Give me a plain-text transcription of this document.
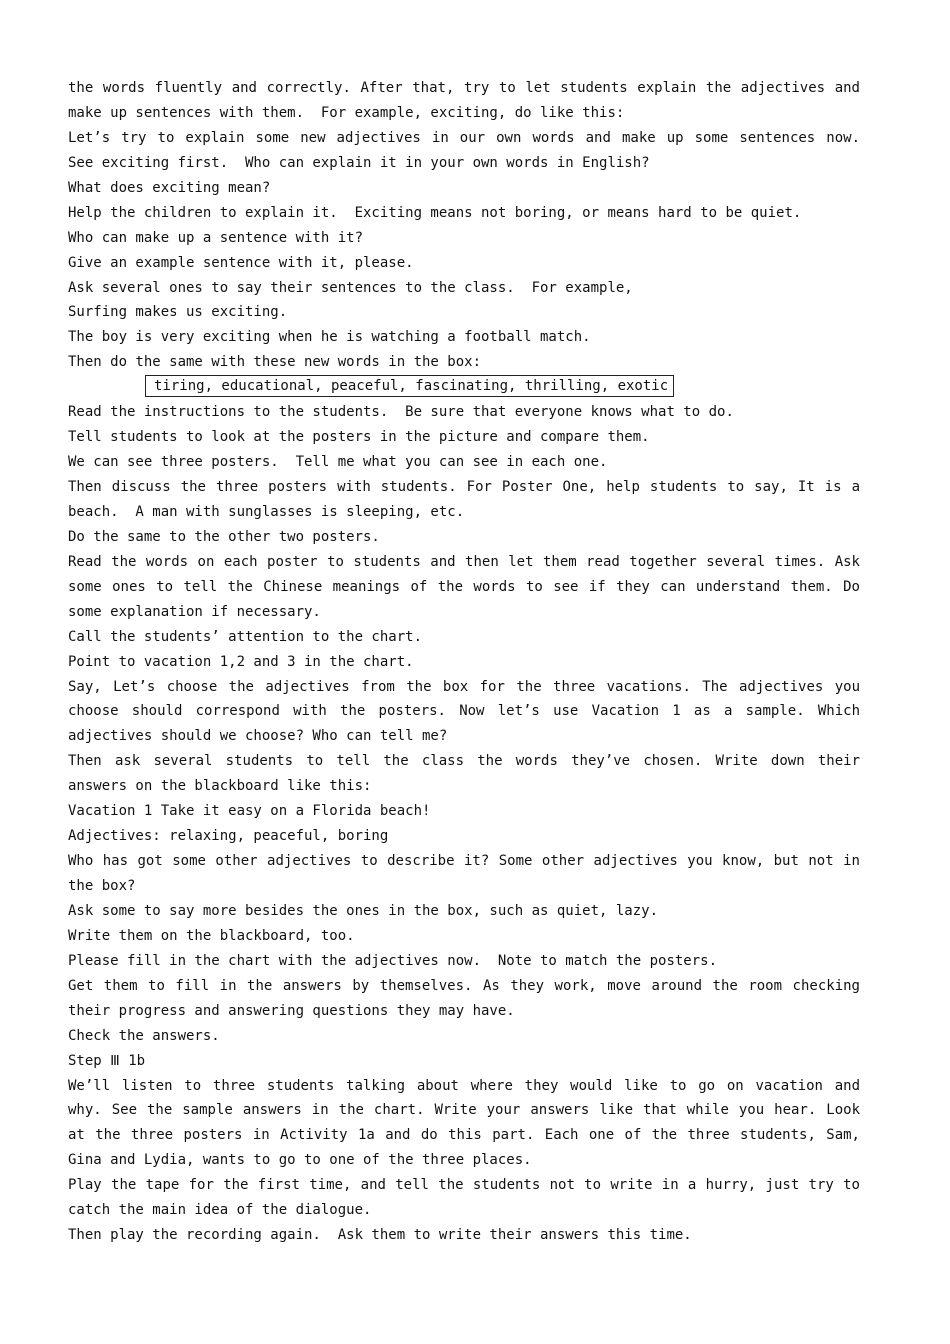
the words fluently and correctly. After that, try to let students explain the adjectives and
make up sentences with them.  For example, exciting, do like this:
Let’s try to explain some new adjectives in our own words and make up some sentences now.
See exciting first.  Who can explain it in your own words in English?
What does exciting mean?
Help the children to explain it.  Exciting means not boring, or means hard to be quiet.
Who can make up a sentence with it?
Give an example sentence with it, please.
Ask several ones to say their sentences to the class.  For example,
Surfing makes us exciting.
The boy is very exciting when he is watching a football match.
Then do the same with these new words in the box:
tiring, educational, peaceful, fascinating, thrilling, exotic
Read the instructions to the students.  Be sure that everyone knows what to do.
Tell students to look at the posters in the picture and compare them.
We can see three posters.  Tell me what you can see in each one.
Then discuss the three posters with students. For Poster One, help students to say, It is a
beach.  A man with sunglasses is sleeping, etc.
Do the same to the other two posters.
Read the words on each poster to students and then let them read together several times. Ask
some ones to tell the Chinese meanings of the words to see if they can understand them. Do
some explanation if necessary.
Call the students’ attention to the chart.
Point to vacation 1,2 and 3 in the chart.
Say, Let’s choose the adjectives from the box for the three vacations. The adjectives you
choose should correspond with the posters. Now let’s use Vacation 1 as a sample. Which
adjectives should we choose? Who can tell me?
Then ask several students to tell the class the words they’ve chosen. Write down their
answers on the blackboard like this:
Vacation 1 Take it easy on a Florida beach!
Adjectives: relaxing, peaceful, boring
Who has got some other adjectives to describe it? Some other adjectives you know, but not in
the box?
Ask some to say more besides the ones in the box, such as quiet, lazy.
Write them on the blackboard, too.
Please fill in the chart with the adjectives now.  Note to match the posters.
Get them to fill in the answers by themselves. As they work, move around the room checking
their progress and answering questions they may have.
Check the answers.
Step Ⅲ 1b
We’ll listen to three students talking about where they would like to go on vacation and
why. See the sample answers in the chart. Write your answers like that while you hear. Look
at the three posters in Activity 1a and do this part. Each one of the three students, Sam,
Gina and Lydia, wants to go to one of the three places.
Play the tape for the first time, and tell the students not to write in a hurry, just try to
catch the main idea of the dialogue.
Then play the recording again.  Ask them to write their answers this time.
